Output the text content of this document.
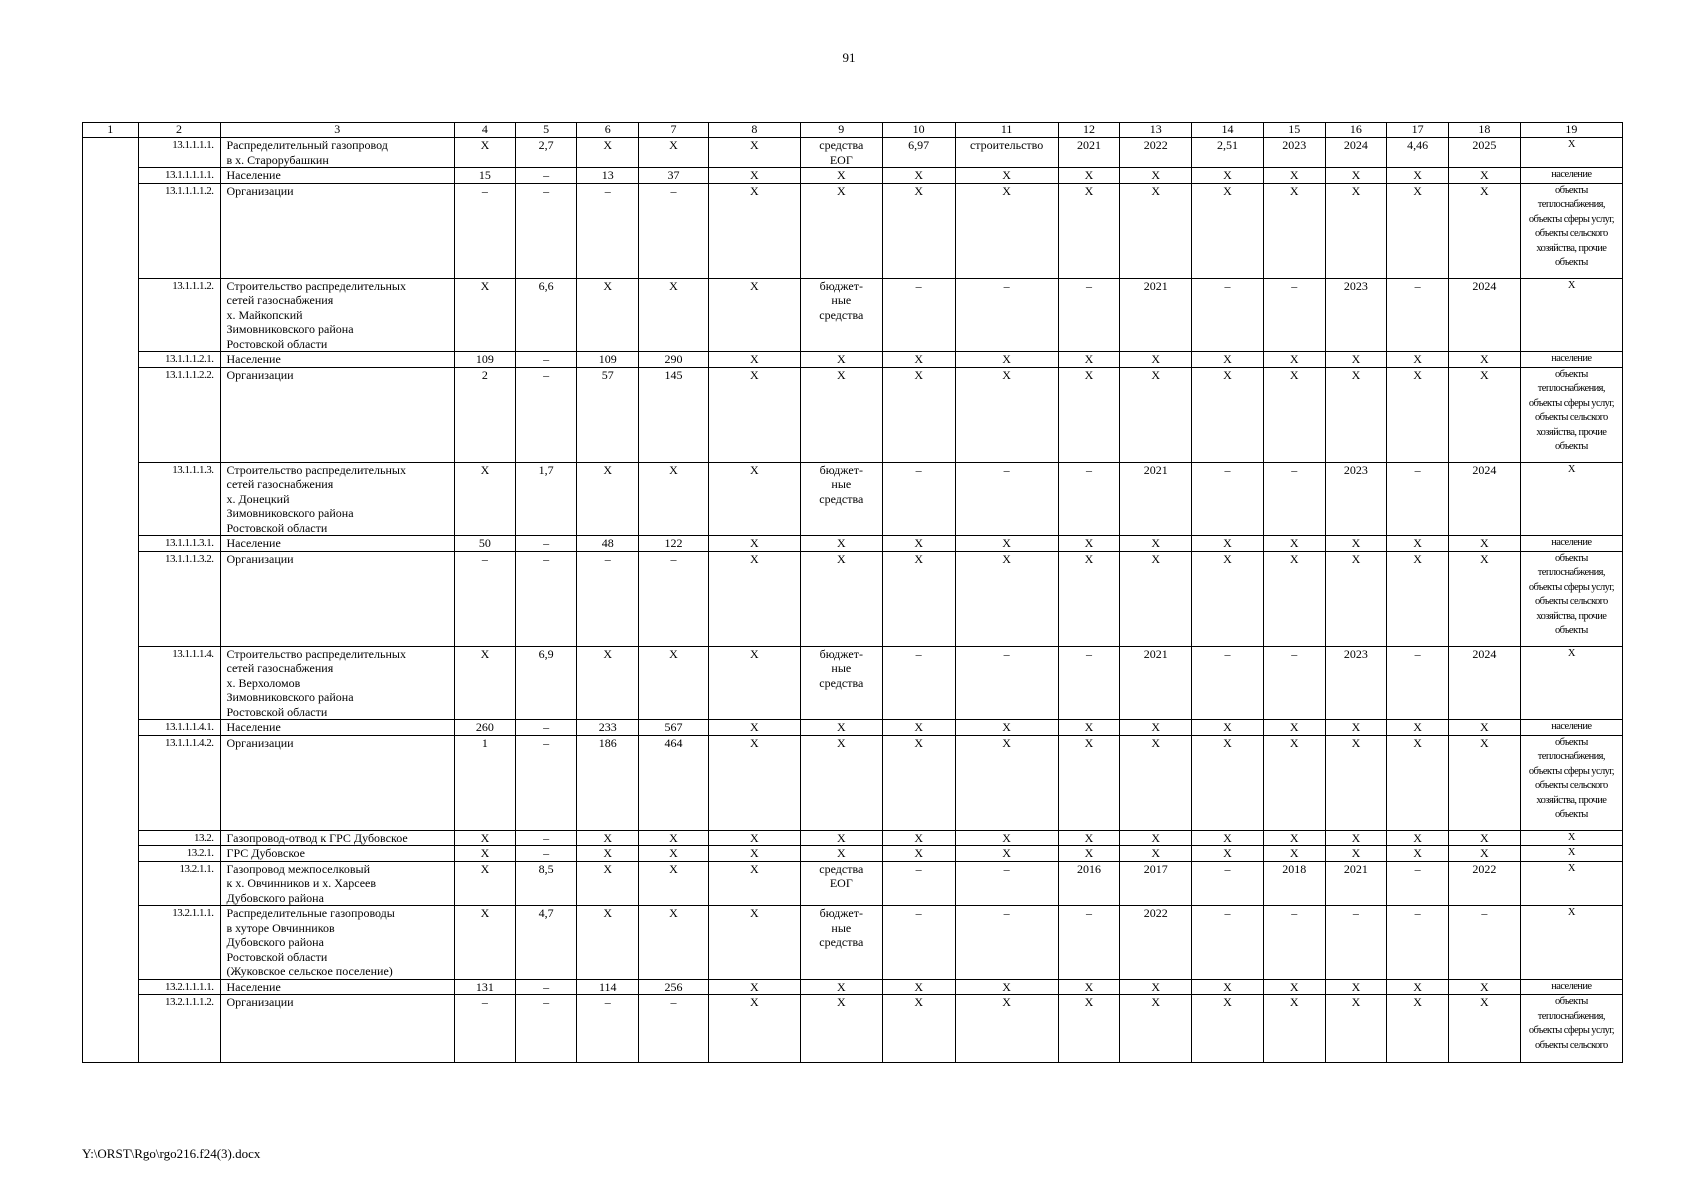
91
1	2	3	4	5	6	7	8	9	10	11	12	13	14	15	16	17	18	19
	13.1.1.1.1.	Распределительный газопровод
в х. Старорубашкин	Х	2,7	Х	Х	Х	средства
ЕОГ	6,97	строительство	2021	2022	2,51	2023	2024	4,46	2025	Х
	13.1.1.1.1.1.	Население	15	–	13	37	Х	Х	Х	Х	Х	Х	Х	Х	Х	Х	Х	население
	13.1.1.1.1.2.	Организации	–	–	–	–	Х	Х	Х	Х	Х	Х	Х	Х	Х	Х	Х	объекты теплоснабжения, объекты сферы услуг, объекты сельского хозяйства, прочие объекты
	13.1.1.1.2.	Строительство распределительных
сетей газоснабжения
х. Майкопский
Зимовниковского района
Ростовской области	Х	6,6	Х	Х	Х	бюджет-
ные
средства	–	–	–	2021	–	–	2023	–	2024	Х
	13.1.1.1.2.1.	Население	109	–	109	290	Х	Х	Х	Х	Х	Х	Х	Х	Х	Х	Х	население
	13.1.1.1.2.2.	Организации	2	–	57	145	Х	Х	Х	Х	Х	Х	Х	Х	Х	Х	Х	объекты теплоснабжения, объекты сферы услуг, объекты сельского хозяйства, прочие объекты
	13.1.1.1.3.	Строительство распределительных
сетей газоснабжения
х. Донецкий
Зимовниковского района
Ростовской области	Х	1,7	Х	Х	Х	бюджет-
ные
средства	–	–	–	2021	–	–	2023	–	2024	Х
	13.1.1.1.3.1.	Население	50	–	48	122	Х	Х	Х	Х	Х	Х	Х	Х	Х	Х	Х	население
	13.1.1.1.3.2.	Организации	–	–	–	–	Х	Х	Х	Х	Х	Х	Х	Х	Х	Х	Х	объекты теплоснабжения, объекты сферы услуг, объекты сельского хозяйства, прочие объекты
	13.1.1.1.4.	Строительство распределительных
сетей газоснабжения
х. Верхоломов
Зимовниковского района
Ростовской области	Х	6,9	Х	Х	Х	бюджет-
ные
средства	–	–	–	2021	–	–	2023	–	2024	Х
	13.1.1.1.4.1.	Население	260	–	233	567	Х	Х	Х	Х	Х	Х	Х	Х	Х	Х	Х	население
	13.1.1.1.4.2.	Организации	1	–	186	464	Х	Х	Х	Х	Х	Х	Х	Х	Х	Х	Х	объекты теплоснабжения, объекты сферы услуг, объекты сельского хозяйства, прочие объекты
	13.2.	Газопровод-отвод к ГРС Дубовское	Х	–	Х	Х	Х	Х	Х	Х	Х	Х	Х	Х	Х	Х	Х	Х
	13.2.1.	ГРС Дубовское	Х	–	Х	Х	Х	Х	Х	Х	Х	Х	Х	Х	Х	Х	Х	Х
	13.2.1.1.	Газопровод межпоселковый
к х. Овчинников и х. Харсеев
Дубовского района	Х	8,5	Х	Х	Х	средства
ЕОГ	–	–	2016	2017	–	2018	2021	–	2022	Х
	13.2.1.1.1.	Распределительные газопроводы
в хуторе Овчинников
Дубовского района
Ростовской области
(Жуковское сельское поселение)	Х	4,7	Х	Х	Х	бюджет-
ные
средства	–	–	–	2022	–	–	–	–	–	Х
	13.2.1.1.1.1.	Население	131	–	114	256	Х	Х	Х	Х	Х	Х	Х	Х	Х	Х	Х	население
	13.2.1.1.1.2.	Организации	–	–	–	–	Х	Х	Х	Х	Х	Х	Х	Х	Х	Х	Х	объекты теплоснабжения, объекты сферы услуг, объекты сельского
Y:\ORST\Rgo\rgo216.f24(3).docx
